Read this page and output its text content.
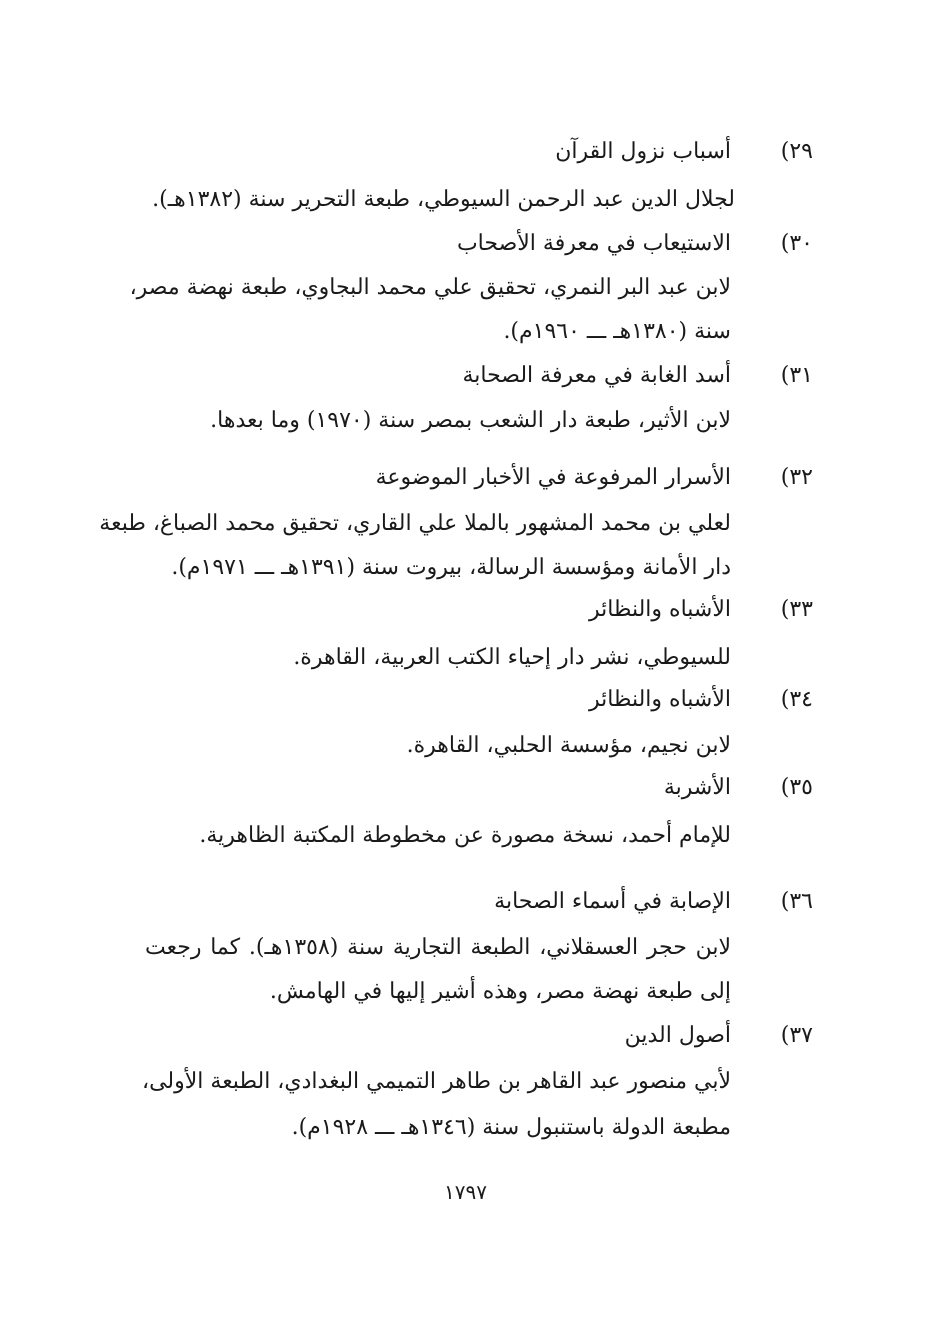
٢٩)
أسباب نزول القرآن
لجلال الدين عبد الرحمن السيوطي، طبعة التحرير سنة (١٣٨٢هـ).
٣٠)
الاستيعاب في معرفة الأصحاب
لابن عبد البر النمري، تحقيق علي محمد البجاوي، طبعة نهضة مصر،
سنة (١٣٨٠هـ ـــ ١٩٦٠م).
٣١)
أسد الغابة في معرفة الصحابة
لابن الأثير، طبعة دار الشعب بمصر سنة (١٩٧٠) وما بعدها.
٣٢)
الأسرار المرفوعة في الأخبار الموضوعة
لعلي بن محمد المشهور بالملا علي القاري، تحقيق محمد الصباغ، طبعة
دار الأمانة ومؤسسة الرسالة، بيروت سنة (١٣٩١هـ ـــ ١٩٧١م).
٣٣)
الأشباه والنظائر
للسيوطي، نشر دار إحياء الكتب العربية، القاهرة.
٣٤)
الأشباه والنظائر
لابن نجيم، مؤسسة الحلبي، القاهرة.
٣٥)
الأشربة
للإمام أحمد، نسخة مصورة عن مخطوطة المكتبة الظاهرية.
٣٦)
الإصابة في أسماء الصحابة
لابن حجر العسقلاني، الطبعة التجارية سنة (١٣٥٨هـ). كما رجعت
إلى طبعة نهضة مصر، وهذه أشير إليها في الهامش.
٣٧)
أصول الدين
لأبي منصور عبد القاهر بن طاهر التميمي البغدادي، الطبعة الأولى،
مطبعة الدولة باستنبول سنة (١٣٤٦هـ ـــ ١٩٢٨م).
١٧٩٧
